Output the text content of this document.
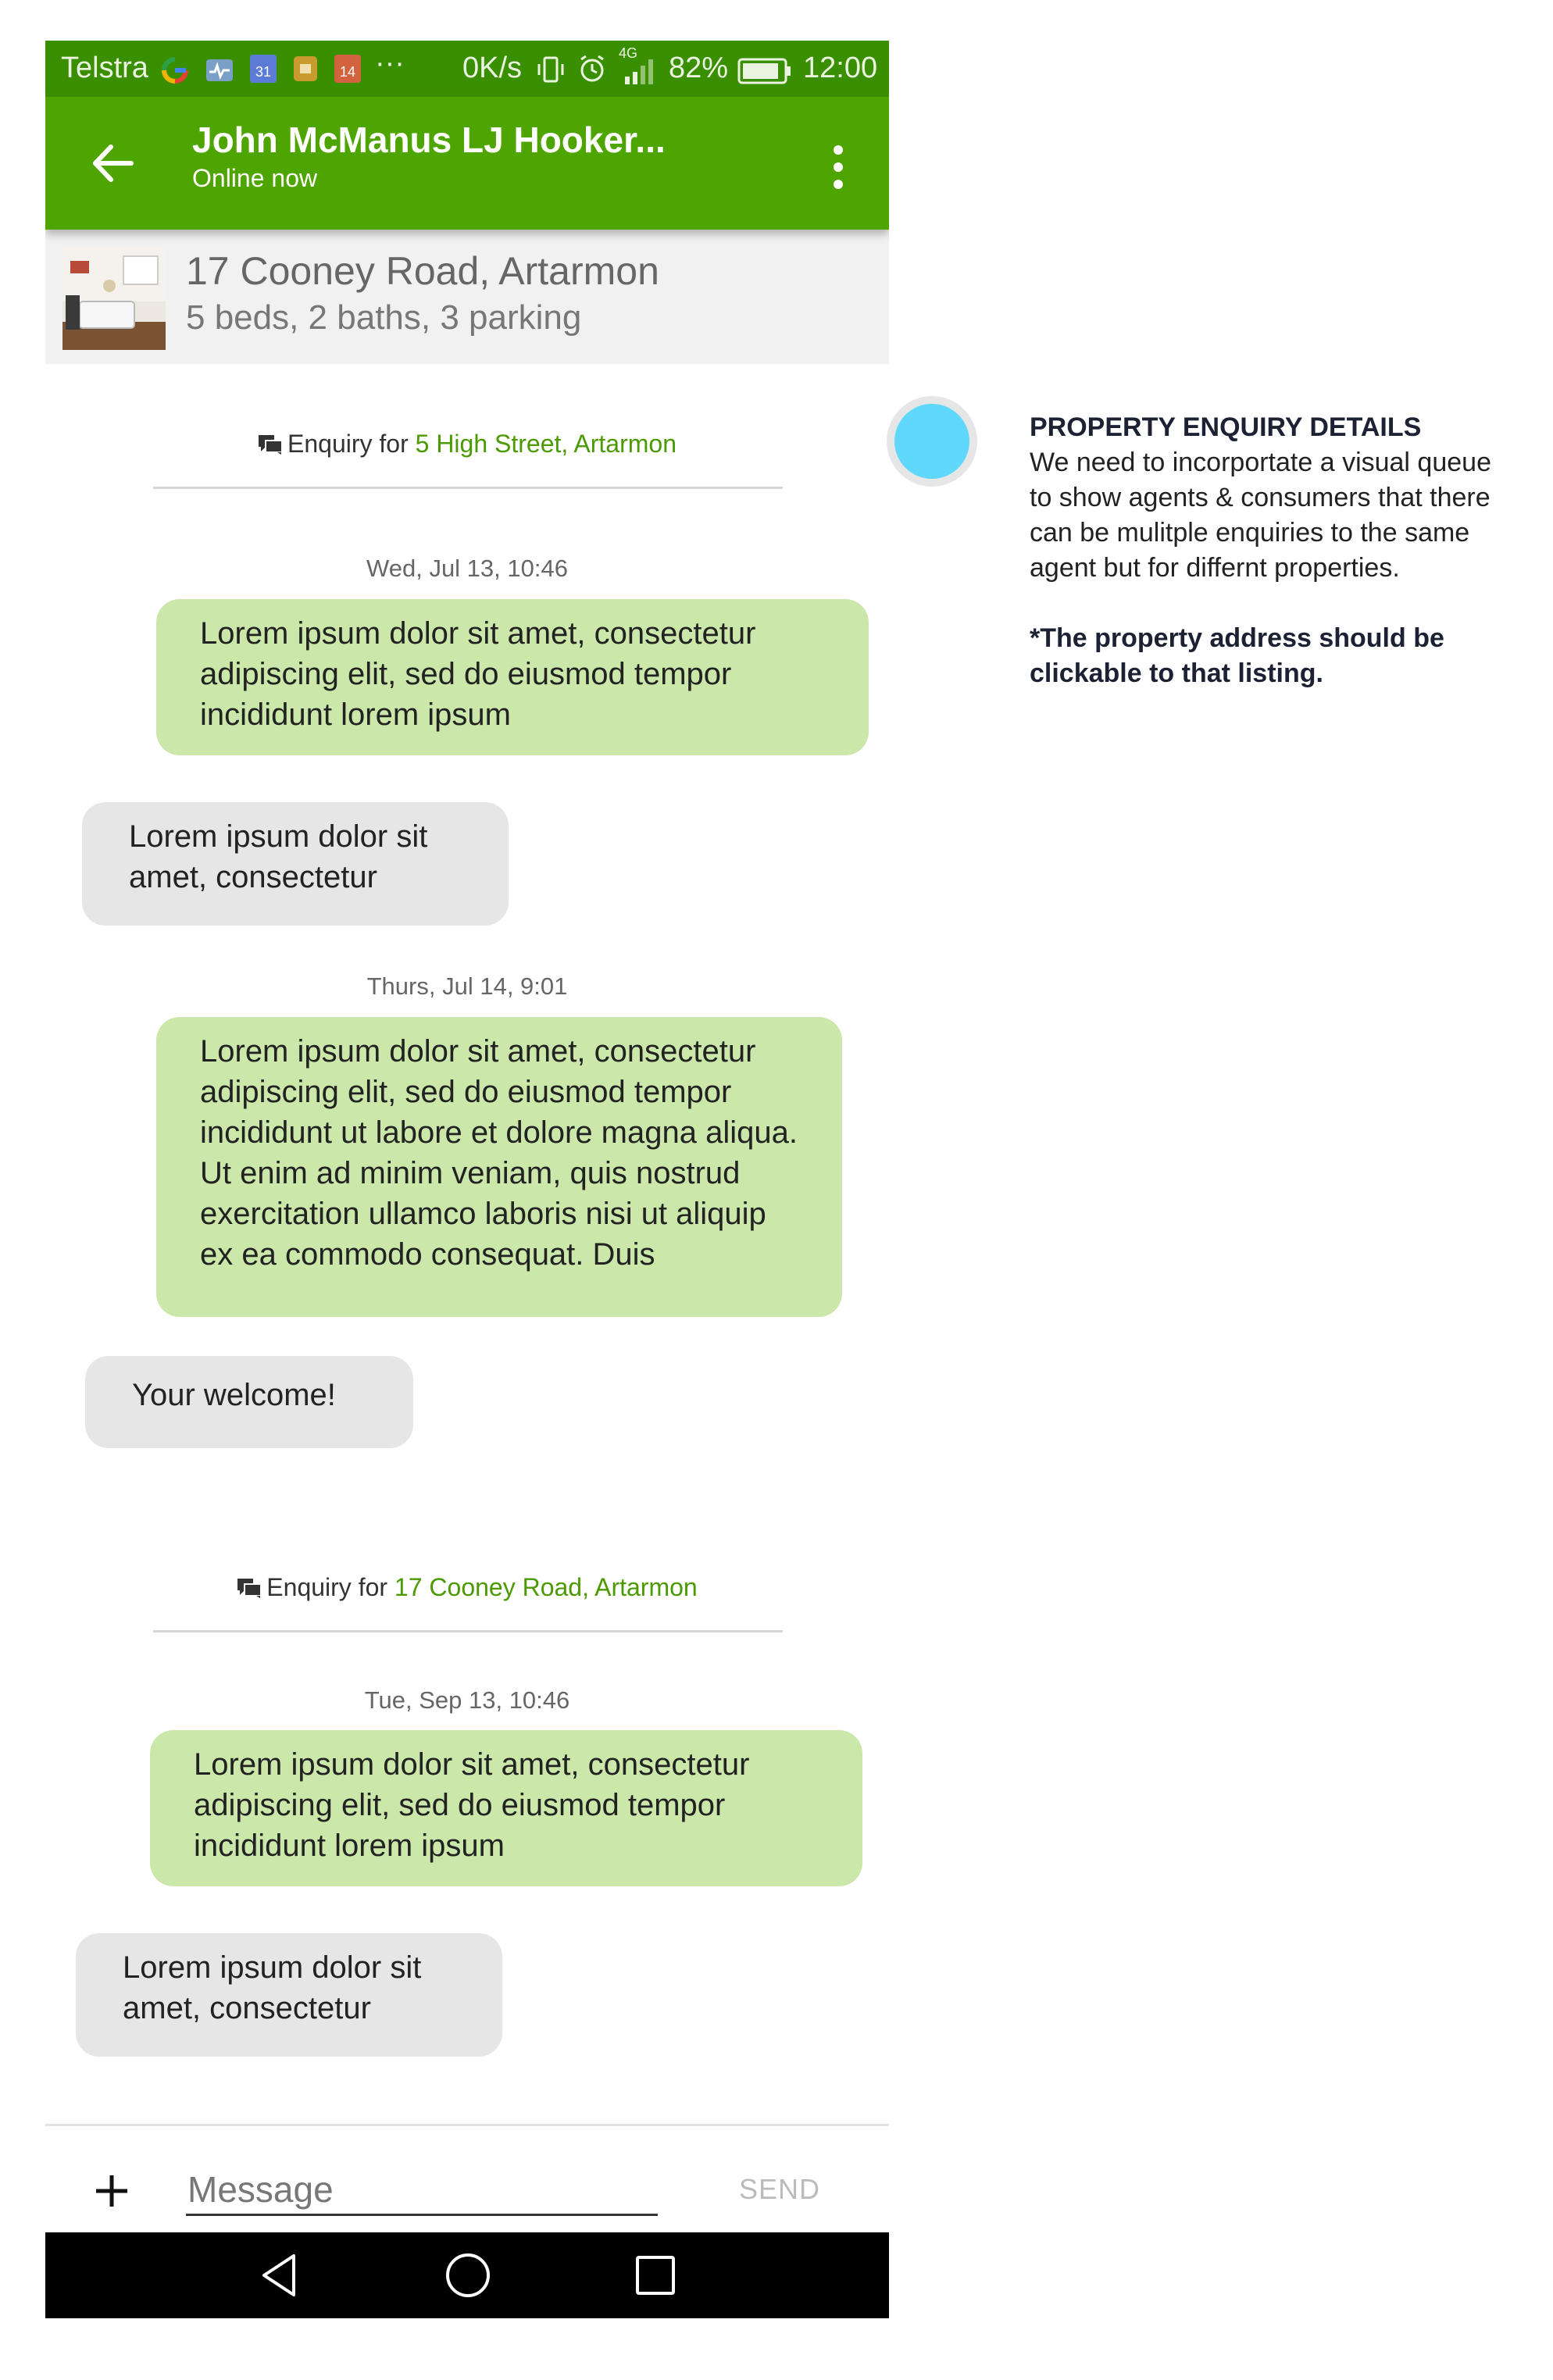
Telstra	31	14 ··· 0K/s	4G 82%	12:00
John McManus LJ Hooker...
Online now
17 Cooney Road, Artarmon
5 beds, 2 baths, 3 parking
Enquiry for 5 High Street, Artarmon
Wed, Jul 13, 10:46
Lorem ipsum dolor sit amet, consectetur adipiscing elit, sed do eiusmod tempor incididunt lorem ipsum
Lorem ipsum dolor sit amet, consectetur
Thurs, Jul 14, 9:01
Lorem ipsum dolor sit amet, consectetur adipiscing elit, sed do eiusmod tempor incididunt ut labore et dolore magna aliqua. Ut enim ad minim veniam, quis nostrud exercitation ullamco laboris nisi ut aliquip ex ea commodo consequat. Duis
Your welcome!
Enquiry for 17 Cooney Road, Artarmon
Tue, Sep 13, 10:46
Lorem ipsum dolor sit amet, consectetur adipiscing elit, sed do eiusmod tempor incididunt lorem ipsum
Lorem ipsum dolor sit amet, consectetur
Message
SEND
PROPERTY ENQUIRY DETAILS
We need to incorportate a visual queue to show agents & consumers that there can be mulitple enquiries to the same agent but for differnt properties.
*The property address should be clickable to that listing.
